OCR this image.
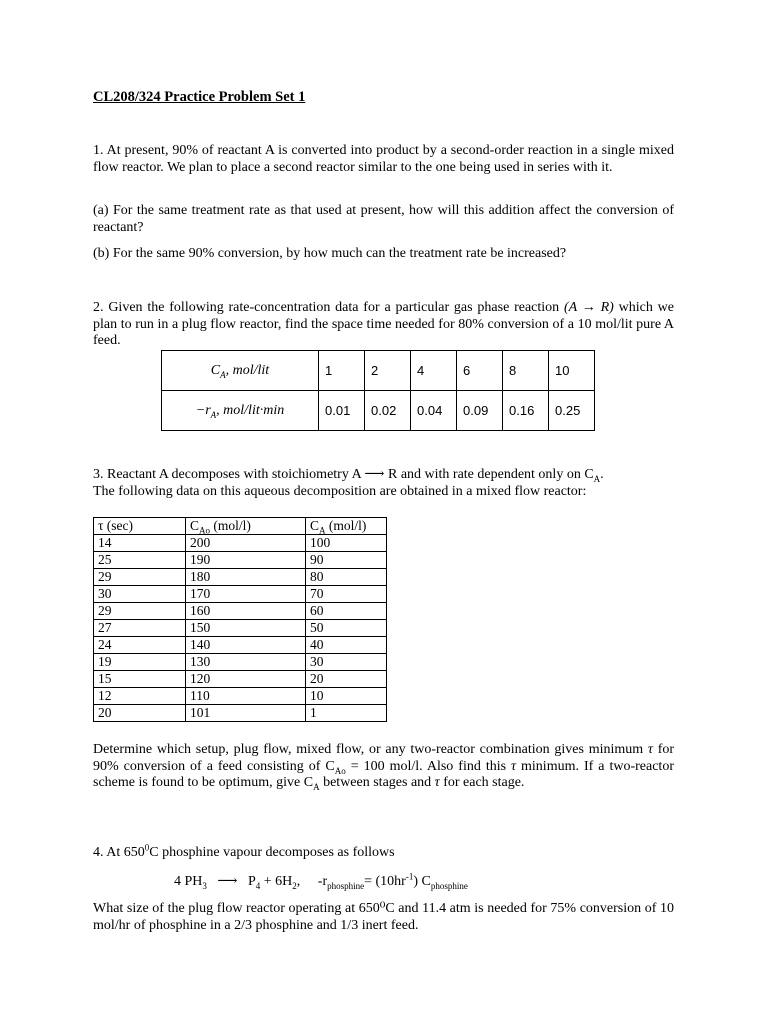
CL208/324 Practice Problem Set 1
1. At present, 90% of reactant A is converted into product by a second-order reaction in a single mixed flow reactor. We plan to place a second reactor similar to the one being used in series with it.
(a) For the same treatment rate as that used at present, how will this addition affect the conversion of reactant?
(b) For the same 90% conversion, by how much can the treatment rate be increased?
2. Given the following rate-concentration data for a particular gas phase reaction (A → R) which we plan to run in a plug flow reactor, find the space time needed for 80% conversion of a 10 mol/lit pure A feed.
$C_A$, mol/lit	1	2	4	6	8	10
$-r_A$, mol/lit·min	0.01	0.02	0.04	0.09	0.16	0.25
3. Reactant A decomposes with stoichiometry A ⟶ R and with rate dependent only on $C_A$.
The following data on this aqueous decomposition are obtained in a mixed flow reactor:
τ (sec)	$C_{Ao}$ (mol/l)	$C_A$ (mol/l)
14	200	100
25	190	90
29	180	80
30	170	70
29	160	60
27	150	50
24	140	40
19	130	30
15	120	20
12	110	10
20	101	1
Determine which setup, plug flow, mixed flow, or any two-reactor combination gives minimum τ for 90% conversion of a feed consisting of $C_{Ao} = 100$ mol/l. Also find this τ minimum. If a two-reactor scheme is found to be optimum, give $C_A$ between stages and τ for each stage.
4. At $650^0C$ phosphine vapour decomposes as follows
4 $PH_3$   ⟶   $P_4 + 6H_2$,     $-r_{phosphine}= (10hr^{-1})$ $C_{phosphine}$
What size of the plug flow reactor operating at 650⁰C and 11.4 atm is needed for 75% conversion of 10 mol/hr of phosphine in a 2/3 phosphine and 1/3 inert feed.
